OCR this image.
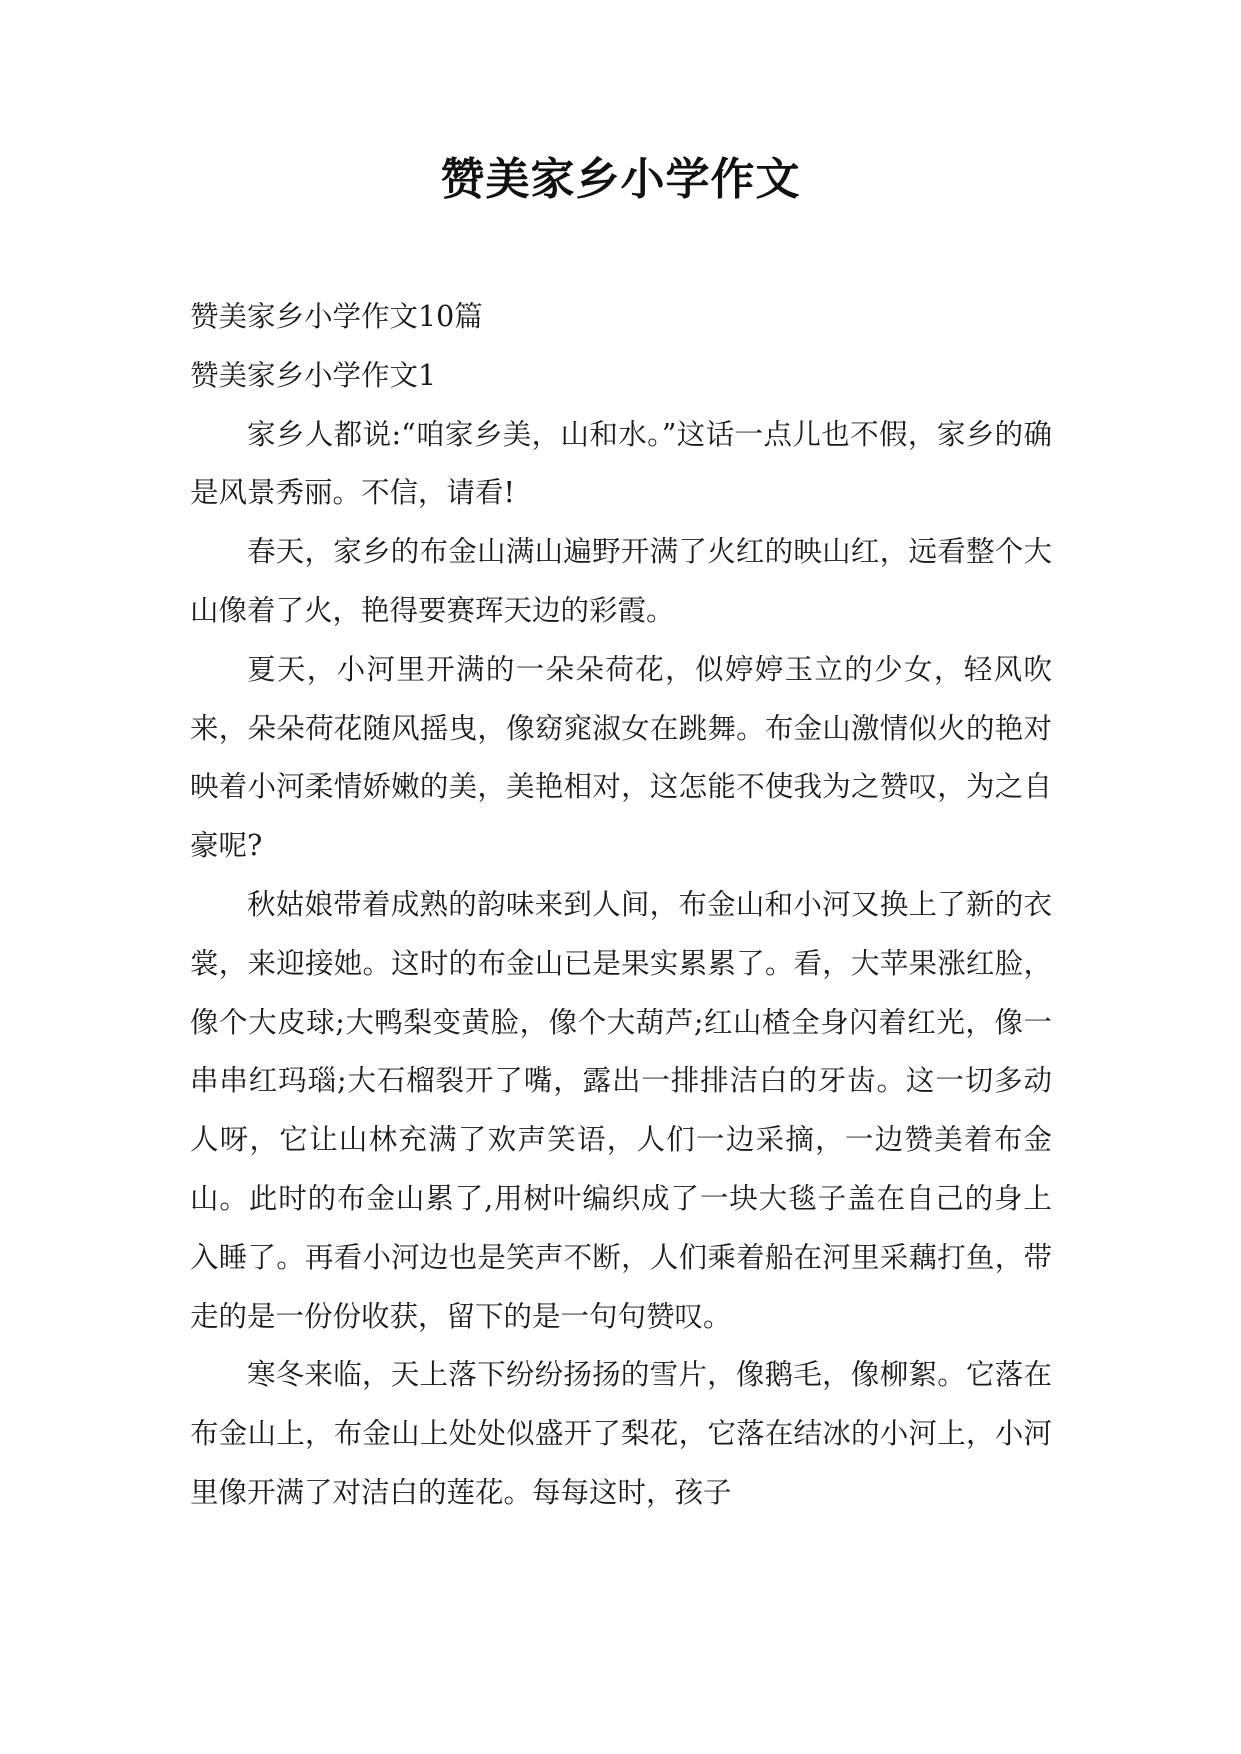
赞美家乡小学作文
赞美家乡小学作文10篇
赞美家乡小学作文1

家乡人都说:“咱家乡美，山和水。”这话一点儿也不假，家乡的确是风景秀丽。不信，请看!

春天，家乡的布金山满山遍野开满了火红的映山红，远看整个大山像着了火，艳得要赛珲天边的彩霞。

夏天，小河里开满的一朵朵荷花，似婷婷玉立的少女，轻风吹来，朵朵荷花随风摇曳，像窈窕淑女在跳舞。布金山激情似火的艳对映着小河柔情娇嫩的美，美艳相对，这怎能不使我为之赞叹，为之自豪呢?

秋姑娘带着成熟的韵味来到人间，布金山和小河又换上了新的衣裳，来迎接她。这时的布金山已是果实累累了。看，大苹果涨红脸，像个大皮球;大鸭梨变黄脸，像个大葫芦;红山楂全身闪着红光，像一串串红玛瑙;大石榴裂开了嘴，露出一排排洁白的牙齿。这一切多动人呀，它让山林充满了欢声笑语，人们一边采摘，一边赞美着布金山。此时的布金山累了,用树叶编织成了一块大毯子盖在自己的身上入睡了。再看小河边也是笑声不断，人们乘着船在河里采藕打鱼，带走的是一份份收获，留下的是一句句赞叹。

寒冬来临，天上落下纷纷扬扬的雪片，像鹅毛，像柳絮。它落在布金山上，布金山上处处似盛开了梨花，它落在结冰的小河上，小河里像开满了对洁白的莲花。每每这时，孩子
